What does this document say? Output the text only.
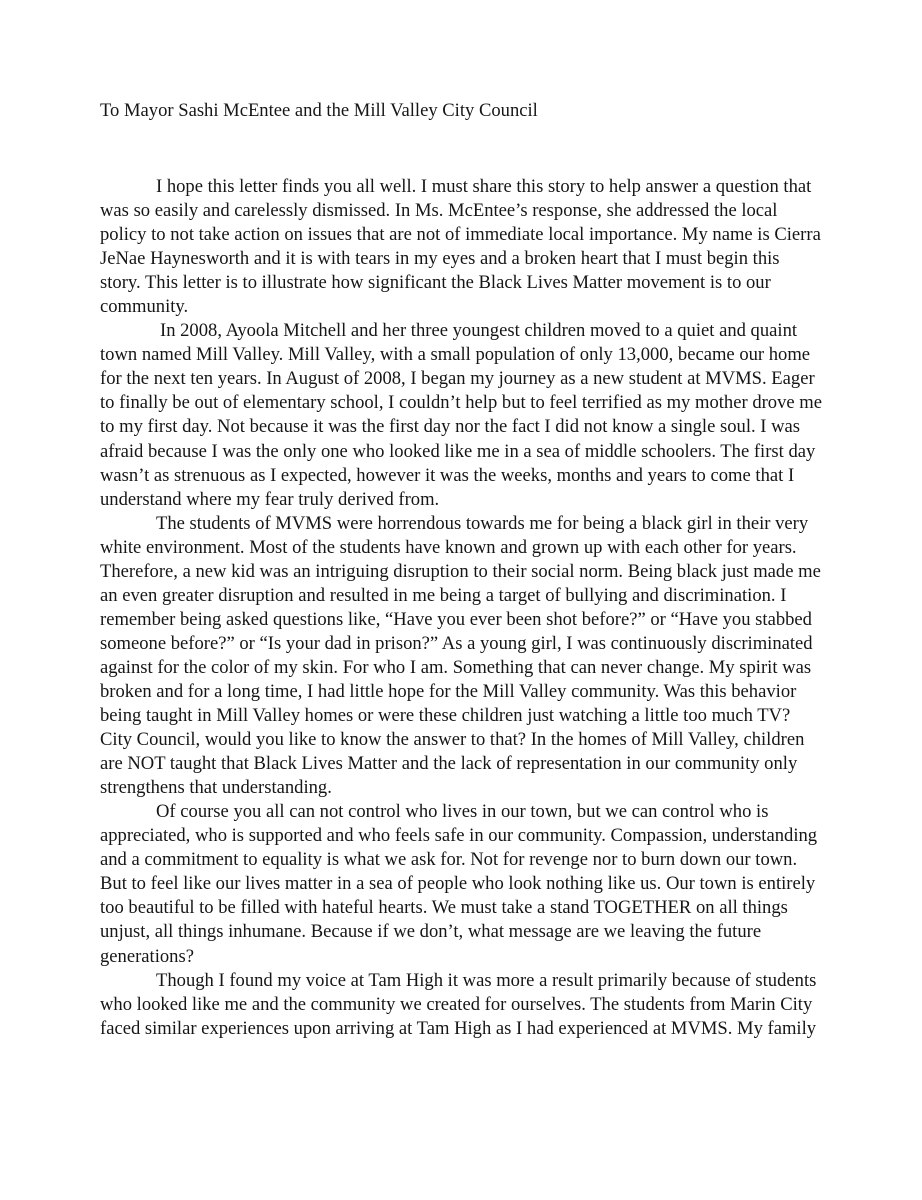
To Mayor Sashi McEntee and the Mill Valley City Council
I hope this letter finds you all well. I must share this story to help answer a question that
was so easily and carelessly dismissed. In Ms. McEntee’s response, she addressed the local
policy to not take action on issues that are not of immediate local importance. My name is Cierra
JeNae Haynesworth and it is with tears in my eyes and a broken heart that I must begin this
story. This letter is to illustrate how significant the Black Lives Matter movement is to our
community.
In 2008, Ayoola Mitchell and her three youngest children moved to a quiet and quaint
town named Mill Valley. Mill Valley, with a small population of only 13,000, became our home
for the next ten years. In August of 2008, I began my journey as a new student at MVMS. Eager
to finally be out of elementary school, I couldn’t help but to feel terrified as my mother drove me
to my first day. Not because it was the first day nor the fact I did not know a single soul. I was
afraid because I was the only one who looked like me in a sea of middle schoolers. The first day
wasn’t as strenuous as I expected, however it was the weeks, months and years to come that I
understand where my fear truly derived from.
The students of MVMS were horrendous towards me for being a black girl in their very
white environment. Most of the students have known and grown up with each other for years.
Therefore, a new kid was an intriguing disruption to their social norm. Being black just made me
an even greater disruption and resulted in me being a target of bullying and discrimination. I
remember being asked questions like, “Have you ever been shot before?” or “Have you stabbed
someone before?” or “Is your dad in prison?” As a young girl, I was continuously discriminated
against for the color of my skin. For who I am. Something that can never change. My spirit was
broken and for a long time, I had little hope for the Mill Valley community. Was this behavior
being taught in Mill Valley homes or were these children just watching a little too much TV?
City Council, would you like to know the answer to that? In the homes of Mill Valley, children
are NOT taught that Black Lives Matter and the lack of representation in our community only
strengthens that understanding.
Of course you all can not control who lives in our town, but we can control who is
appreciated, who is supported and who feels safe in our community. Compassion, understanding
and a commitment to equality is what we ask for. Not for revenge nor to burn down our town.
But to feel like our lives matter in a sea of people who look nothing like us. Our town is entirely
too beautiful to be filled with hateful hearts. We must take a stand TOGETHER on all things
unjust, all things inhumane. Because if we don’t, what message are we leaving the future
generations?
Though I found my voice at Tam High it was more a result primarily because of students
who looked like me and the community we created for ourselves. The students from Marin City
faced similar experiences upon arriving at Tam High as I had experienced at MVMS. My family
